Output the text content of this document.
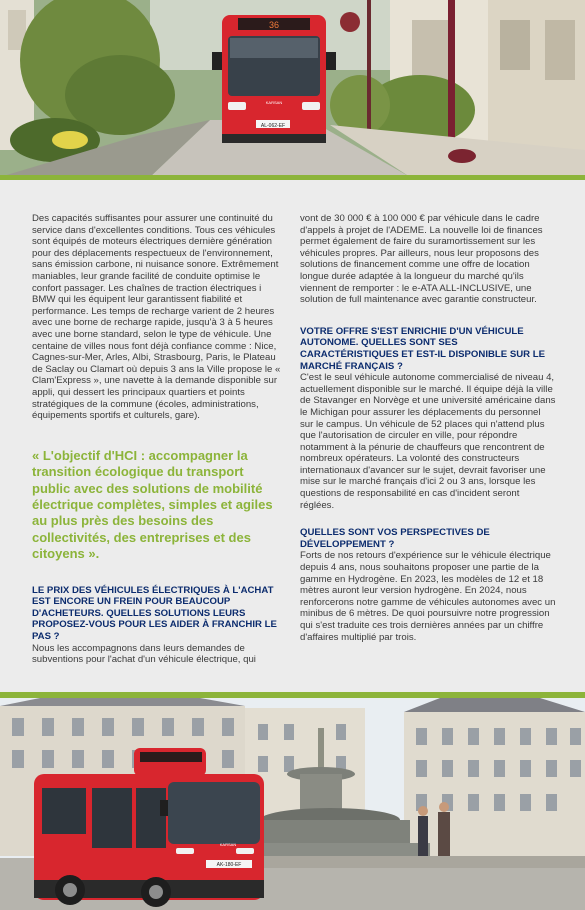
36
KARSAN
AL-062-EF

Des capacités suffisantes pour assurer une continuité du service dans d'excellentes conditions. Tous ces véhicules sont équipés de moteurs électriques dernière génération pour des déplacements respectueux de l'environnement, sans émission carbone, ni nuisance sonore. Extrêmement maniables, leur grande facilité de conduite optimise le confort passager. Les chaînes de traction électriques i BMW qui les équipent leur garantissent fiabilité et performance. Les temps de recharge varient de 2 heures avec une borne de recharge rapide, jusqu'à 3 à 5 heures avec une borne standard, selon le type de véhicule. Une centaine de villes nous font déjà confiance comme : Nice, Cagnes-sur-Mer, Arles, Albi, Strasbourg, Paris, le Plateau de Saclay ou Clamart où depuis 3 ans la Ville propose le « Clam'Express », une navette à la demande disponible sur appli, qui dessert les principaux quartiers et points stratégiques de la commune (écoles, administrations, équipements sportifs et culturels, gare).

« L'objectif d'HCI : accompagner la transition écologique du transport public avec des solutions de mobilité électrique complètes, simples et agiles au plus près des besoins des collectivités, des entreprises et des citoyens ».

LE PRIX DES VÉHICULES ÉLECTRIQUES À L'ACHAT EST ENCORE UN FREIN POUR BEAUCOUP D'ACHETEURS. QUELLES SOLUTIONS LEURS PROPOSEZ-VOUS POUR LES AIDER À FRANCHIR LE PAS ?

Nous les accompagnons dans leurs demandes de subventions pour l'achat d'un véhicule électrique, qui

vont de 30 000 € à 100 000 € par véhicule dans le cadre d'appels à projet de l'ADEME. La nouvelle loi de finances permet également de faire du suramortissement sur les véhicules propres. Par ailleurs, nous leur proposons des solutions de financement comme une offre de location longue durée adaptée à la longueur du marché qu'ils viennent de remporter : le e-ATA ALL-INCLUSIVE, une solution de full maintenance avec garantie constructeur.

VOTRE OFFRE S'EST ENRICHIE D'UN VÉHICULE AUTONOME. QUELLES SONT SES CARACTÉRISTIQUES ET EST-IL DISPONIBLE SUR LE MARCHÉ FRANÇAIS ?

C'est le seul véhicule autonome commercialisé de niveau 4, actuellement disponible sur le marché. Il équipe déjà la ville de Stavanger en Norvège et une université américaine dans le Michigan pour assurer les déplacements du personnel sur le campus. Un véhicule de 52 places qui n'attend plus que l'autorisation de circuler en ville, pour répondre notamment à la pénurie de chauffeurs que rencontrent de nombreux opérateurs. La volonté des constructeurs internationaux d'avancer sur le sujet, devrait favoriser une mise sur le marché français d'ici 2 ou 3 ans, lorsque les questions de responsabilité en cas d'incident seront réglées.

QUELLES SONT VOS PERSPECTIVES DE DÉVELOPPEMENT ?

Forts de nos retours d'expérience sur le véhicule électrique depuis 4 ans, nous souhaitons proposer une partie de la gamme en Hydrogène. En 2023, les modèles de 12 et 18 mètres auront leur version hydrogène. En 2024, nous renforcerons notre gamme de véhicules autonomes avec un minibus de 6 mètres. De quoi poursuivre notre progression qui s'est traduite ces trois dernières années par un chiffre d'affaires multiplié par trois.

KARSAN
AK-180-EF
